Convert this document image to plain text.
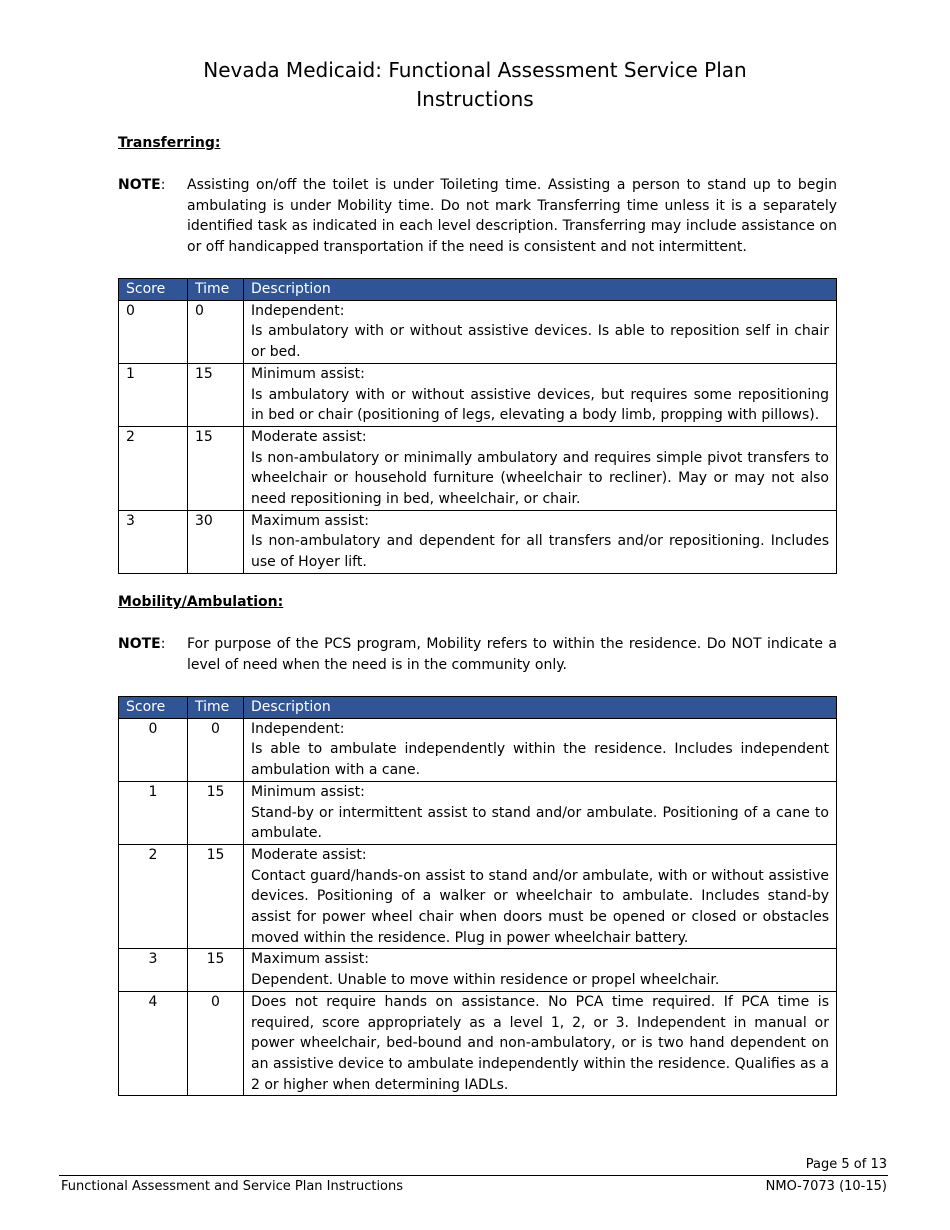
Nevada Medicaid: Functional Assessment Service Plan
Instructions
Transferring:
NOTE: Assisting on/off the toilet is under Toileting time. Assisting a person to stand up to begin ambulating is under Mobility time. Do not mark Transferring time unless it is a separately identified task as indicated in each level description. Transferring may include assistance on or off handicapped transportation if the need is consistent and not intermittent.
Score	Time	Description
0	0	Independent:
Is ambulatory with or without assistive devices. Is able to reposition self in chair or bed.

1	15	Minimum assist:
Is ambulatory with or without assistive devices, but requires some repositioning in bed or chair (positioning of legs, elevating a body limb, propping with pillows).

2	15	Moderate assist:
Is non-ambulatory or minimally ambulatory and requires simple pivot transfers to wheelchair or household furniture (wheelchair to recliner). May or may not also need repositioning in bed, wheelchair, or chair.

3	30	Maximum assist:
Is non-ambulatory and dependent for all transfers and/or repositioning. Includes use of Hoyer lift.
Mobility/Ambulation:
NOTE: For purpose of the PCS program, Mobility refers to within the residence. Do NOT indicate a level of need when the need is in the community only.
Score	Time	Description
0	0	Independent:
Is able to ambulate independently within the residence. Includes independent ambulation with a cane.

1	15	Minimum assist:
Stand-by or intermittent assist to stand and/or ambulate. Positioning of a cane to ambulate.

2	15	Moderate assist:
Contact guard/hands-on assist to stand and/or ambulate, with or without assistive devices. Positioning of a walker or wheelchair to ambulate. Includes stand-by assist for power wheel chair when doors must be opened or closed or obstacles moved within the residence. Plug in power wheelchair battery.

3	15	Maximum assist:
Dependent. Unable to move within residence or propel wheelchair.

4	0	Does not require hands on assistance. No PCA time required. If PCA time is required, score appropriately as a level 1, 2, or 3. Independent in manual or power wheelchair, bed-bound and non-ambulatory, or is two hand dependent on an assistive device to ambulate independently within the residence. Qualifies as a 2 or higher when determining IADLs.
Page 5 of 13
Functional Assessment and Service Plan Instructions	NMO-7073 (10-15)
